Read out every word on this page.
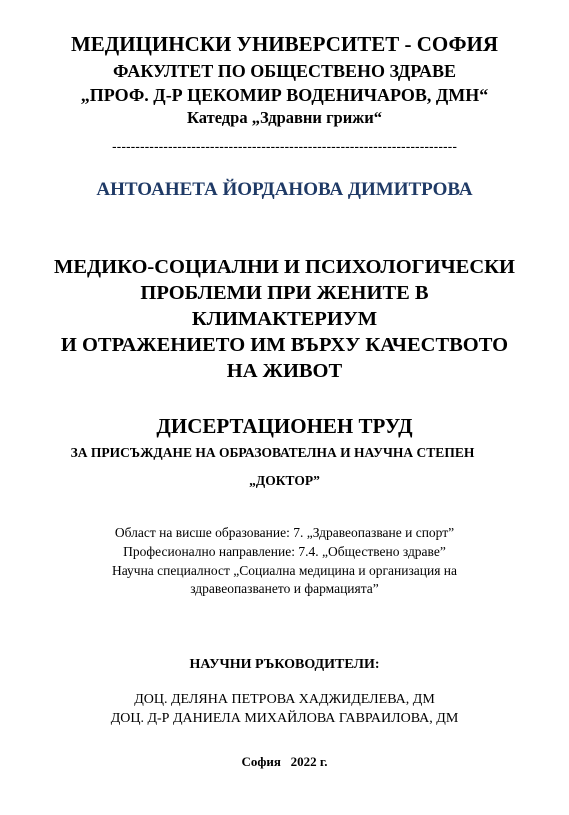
МЕДИЦИНСКИ УНИВЕРСИТЕТ - СОФИЯ
ФАКУЛТЕТ ПО ОБЩЕСТВЕНО ЗДРАВЕ
„ПРОФ. Д-Р ЦЕКОМИР ВОДЕНИЧАРОВ, ДМН“
Катедра „Здравни грижи“
--------------------------------------------------------------------------
АНТОАНЕТА ЙОРДАНОВА ДИМИТРОВА
МЕДИКО-СОЦИАЛНИ И ПСИХОЛОГИЧЕСКИ
ПРОБЛЕМИ ПРИ ЖЕНИТЕ В
КЛИМАКТЕРИУМ
И ОТРАЖЕНИЕТО ИМ ВЪРХУ КАЧЕСТВОТО
НА ЖИВОТ
ДИСЕРТАЦИОНЕН ТРУД
ЗА ПРИСЪЖДАНЕ НА ОБРАЗОВАТЕЛНА И НАУЧНА СТЕПЕН
„ДОКТОР”
Област на висше образование: 7. „Здравеопазване и спорт”
Професионално направление: 7.4. „Обществено здраве”
Научна специалност „Социална медицина и организация на
здравеопазването и фармацията”
НАУЧНИ РЪКОВОДИТЕЛИ:
ДОЦ. ДЕЛЯНА ПЕТРОВА ХАДЖИДЕЛЕВА, ДМ
ДОЦ. Д-Р ДАНИЕЛА МИХАЙЛОВА ГАВРАИЛОВА, ДМ
София   2022 г.
